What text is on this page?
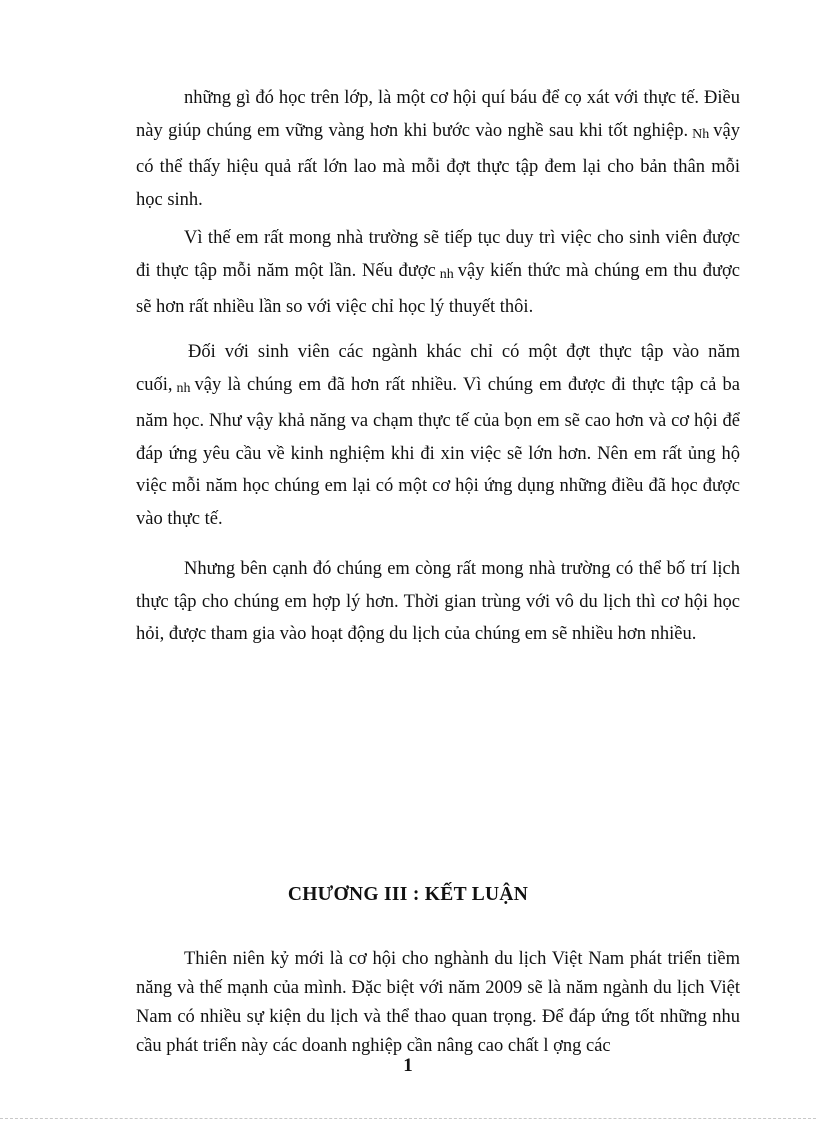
những gì đó học trên lớp, là một cơ hội quí báu để cọ xát với thực tế. Điều này giúp chúng em vững vàng hơn khi bước vào nghề sau khi tốt nghiệp. Nh vậy có thể thấy hiệu quả rất lớn lao mà mỗi đợt thực tập đem lại cho bản thân mỗi học sinh.

Vì thế em rất mong nhà trường sẽ tiếp tục duy trì việc cho sinh viên được đi thực tập mỗi năm một lần. Nếu được nh vậy kiến thức mà chúng em thu được sẽ hơn rất nhiều lần so với việc chỉ học lý thuyết thôi.

Đối với sinh viên các ngành khác chỉ có một đợt thực tập vào năm cuối, nh vậy là chúng em đã hơn rất nhiều. Vì chúng em được đi thực tập cả ba năm học. Như vậy khả năng va chạm thực tế của bọn em sẽ cao hơn và cơ hội để đáp ứng yêu cầu về kinh nghiệm khi đi xin việc sẽ lớn hơn. Nên em rất ủng hộ việc mỗi năm học chúng em lại có một cơ hội ứng dụng những điều đã học được vào thực tế.

Nhưng bên cạnh đó chúng em còng rất mong nhà trường có thể bố trí lịch thực tập cho chúng em hợp lý hơn. Thời gian trùng với vô du lịch thì cơ hội học hỏi, được tham gia vào hoạt động du lịch của chúng em sẽ nhiều hơn nhiều.

CHƯƠNG III : KẾT LUẬN

Thiên niên kỷ mới là cơ hội cho nghành du lịch Việt Nam phát triển tiềm năng và thế mạnh của mình. Đặc biệt với năm 2009 sẽ là năm ngành du lịch Việt Nam có nhiều sự kiện du lịch và thể thao quan trọng. Để đáp ứng tốt những nhu cầu phát triển này các doanh nghiệp cần nâng cao chất l ợng các

1
